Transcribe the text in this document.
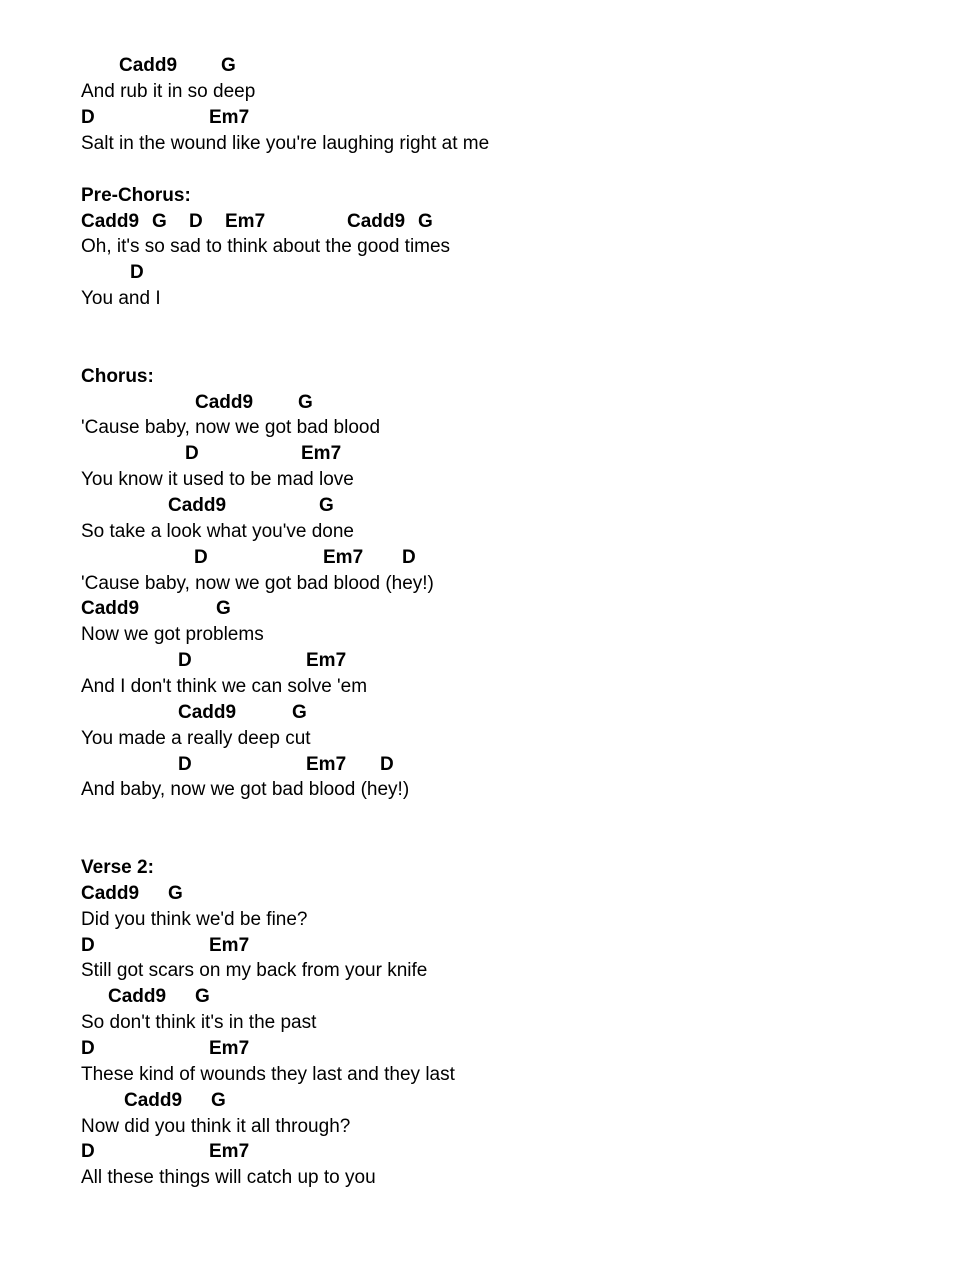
Cadd9 G
And rub it in so deep
D	Em7
Salt in the wound like you're laughing right at me
Pre-Chorus:
Cadd9 G D Em7	Cadd9 G
Oh, it's so sad to think about the good times
D
You and I
Chorus:
Cadd9 G
'Cause baby, now we got bad blood
D	Em7
You know it used to be mad love
Cadd9	G
So take a look what you've done
D	Em7 D
'Cause baby, now we got bad blood (hey!)
Cadd9	G
Now we got problems
D	Em7
And I don't think we can solve 'em
Cadd9	G
You made a really deep cut
D	Em7 D
And baby, now we got bad blood (hey!)
Verse 2:
Cadd9 G
Did you think we'd be fine?
D	Em7
Still got scars on my back from your knife
Cadd9 G
So don't think it's in the past
D	Em7
These kind of wounds they last and they last
Cadd9 G
Now did you think it all through?
D	Em7
All these things will catch up to you
